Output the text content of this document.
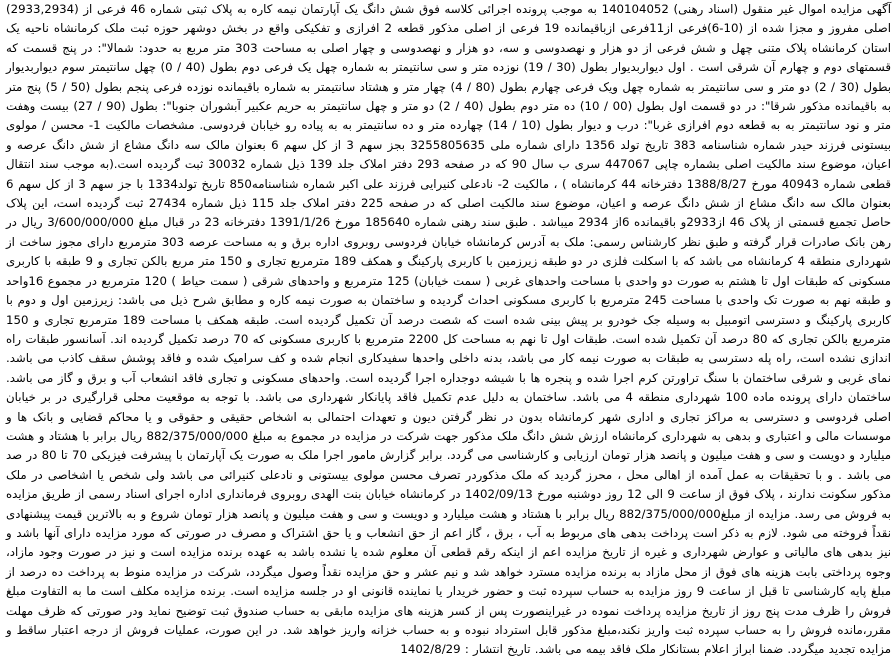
آگهی مزایده اموال غیر منقول (اسناد رهنی) 140104052 به موجب پرونده اجرائی کلاسه فوق شش دانگ یک آپارتمان نیمه کاره به پلاک ثبتی شماره 46 فرعی از (2933,2934) اصلی مفروز و مجزا شده از (10-6)فرعی از11فرعی ازباقیمانده 19 فرعی از اصلی مذکور قطعه 2 افرازی و تفکیکی واقع در بخش دوشهر حوزه ثبت ملک کرمانشاه ناحیه یک استان کرمانشاه پلاک متنی چهل و شش فرعی از دو هزار و نهصدوسی و سه، دو هزار و نهصدوسی و چهار اصلی به مساحت 303 متر مربع به حدود: شمالا": در پنج قسمت که قسمتهای دوم و چهارم آن شرقی است . اول دیواربدیوار بطول (30 / 19) نوزده متر و سی سانتیمتر به شماره چهل یک فرعی دوم بطول (40 / 0) چهل سانتیمتر سوم دیواربدیوار بطول (30 / 2) دو متر و سی سانتیمتر به شماره چهل ویک فرعی چهارم بطول (80 / 4) چهار متر و هشتاد سانتیمتر به شماره باقیمانده نوزده فرعی پنجم بطول (50 / 5) پنج متر به باقیمانده مذکور شرقا": در دو قسمت اول بطول (00 / 10) ده متر دوم بطول (40 / 2) دو متر و چهل سانتیمتر به حریم عکبیر آبشوران جنوبا": بطول (90 / 27) بیست وهفت متر و نود سانتیمتر به به قطعه دوم افرازی غربا": درب و دیوار بطول (10 / 14) چهارده متر و ده سانتیمتر به به پیاده رو خیابان فردوسی. مشخصات مالکیت 1- محسن / مولوی بیستونی فرزند حیدر شماره شناسنامه 383 تاریخ تولد 1356 دارای شماره ملی 3255805635 بجز سهم 3 از کل سهم 6 بعنوان مالک سه دانگ مشاع از شش دانگ عرصه و اعیان، موضوع سند مالکیت اصلی بشماره چاپی 447067 سری ب سال 90 که در صفحه 293 دفتر املاک جلد 139 ذیل شماره 30032 ثبت گردیده است.(به موجب سند انتقال قطعی شماره 40943 مورخ 1388/8/27 دفترخانه 44 کرمانشاه ) ، مالکیت 2- نادعلی کنیرایی فرزند علی اکبر شماره شناسنامه850 تاریخ تولد1334 با جز سهم 3 از کل سهم 6 بعنوان مالک سه دانگ مشاع از شش دانگ عرصه و اعیان، موضوع سند مالکیت اصلی که در صفحه 225 دفتر املاک جلد 115 ذیل شماره 27434 ثبت گردیده است، این پلاک حاصل تجمیع قسمتی از پلاک 46 از2933و باقیمانده 6از 2934 میباشد . طبق سند رهنی شماره 185640 مورخ 1391/1/26 دفترخانه 23 در قبال مبلغ 3/600/000/000 ریال در رهن بانک صادرات قرار گرفته و طبق نظر کارشناس رسمی: ملک به آدرس کرمانشاه خیابان فردوسی روبروی اداره برق و به مساحت عرصه 303 مترمربع دارای مجوز ساخت از شهرداری منطقه 4 کرمانشاه می باشد که با اسکلت فلزی در دو طبقه زیرزمین با کاربری پارکینگ و همکف 189 مترمربع تجاری و 150 متر مربع بالکن تجاری و 9 طبقه با کاربری مسکونی که طبقات اول تا هشتم به صورت دو واحدی با مساحت واحدهای غربی ( سمت خیابان) 125 مترمربع و واحدهای شرقی ( سمت حیاط ) 120 مترمربع در مجموع 16واحد و طبقه نهم به صورت تک واحدی با مساحت 245 مترمربع با کاربری مسکونی احداث گردیده و ساختمان به صورت نیمه کاره و مطابق شرح ذیل می باشد: زیرزمین اول و دوم با کاربری پارکینگ و دسترسی اتومبیل به وسیله جک خودرو بر پیش بینی شده است که شصت درصد آن تکمیل گردیده است. طبقه همکف با مساحت 189 مترمربع تجاری و 150 مترمربع بالکن تجاری که 80 درصد آن تکمیل شده است. طبقات اول تا نهم به مساحت کل 2200 مترمربع با کاربری مسکونی که 70 درصد تکمیل گردیده اند. آسانسور طبقات راه اندازی نشده است، راه پله دسترسی به طبقات به صورت نیمه کار می باشد، بدنه داخلی واحدها سفیدکاری انجام شده و کف سرامیک شده و فاقد پوشش سقف کاذب می باشد. نمای غربی و شرقی ساختمان با سنگ تراورتن کرم اجرا شده و پنجره ها با شیشه دوجداره اجرا گردیده است. واحدهای مسکونی و تجاری فاقد انشعاب آب و برق و گاز می باشد. ساختمان دارای پرونده ماده 100 شهرداری منطقه 4 می باشد. ساختمان به دلیل عدم تکمیل فاقد پایانکار شهرداری می باشد. با توجه به موقعیت محلی قرارگیری در بر خیابان اصلی فردوسی و دسترسی به مراکز تجاری و اداری شهر کرمانشاه بدون در نظر گرفتن دیون و تعهدات احتمالی به اشخاص حقیقی و حقوقی و یا محاکم قضایی و بانک ها و موسسات مالی و اعتباری و بدهی به شهرداری کرمانشاه ارزش شش دانگ ملک مذکور جهت شرکت در مزایده در مجموع به مبلغ 882/375/000/000 ریال برابر با هشتاد و هشت میلیارد و دویست و سی و هفت میلیون و پانصد هزار تومان ارزیابی و کارشناسی می گردد. برابر گزارش مامور اجرا ملک به صورت یک آپارتمان با پیشرفت فیزیکی 70 تا 80 در صد می باشد . و با تحقیقات به عمل آمده از اهالی محل ، محرز گردید که ملک مذکوردر تصرف محسن مولوی بیستونی و نادعلی کنیرائی می باشد ولی شخص یا اشخاصی در ملک مذکور سکونت ندارند ، پلاک فوق از ساعت 9 الی 12 روز دوشنبه مورخ 1402/09/13 در کرمانشاه خیابان بنت الهدی روبروی فرمانداری اداره اجرای اسناد رسمی از طریق مزایده به فروش می رسد. مزایده از مبلغ882/375/000/000 ریال برابر با هشتاد و هشت میلیارد و دویست و سی و هفت میلیون و پانصد هزار تومان شروع و به بالاترین قیمت پیشنهادی نقداً فروخته می شود. لازم به ذکر است پرداخت بدهی های مربوط به آب ، برق ، گاز اعم از حق انشعاب و یا حق اشتراک و مصرف در صورتی که مورد مزایده دارای آنها باشد و نیز بدهی های مالیاتی و عوارض شهرداری و غیره از تاریخ مزایده اعم از اینکه رقم قطعی آن معلوم شده یا نشده باشد به عهده برنده مزایده است و نیز در صورت وجود مازاد، وجوه پرداختی بابت هزینه های فوق از محل مازاد به برنده مزایده مسترد خواهد شد و نیم عشر و حق مزایده نقداً وصول میگردد، شرکت در مزایده منوط به پرداخت ده درصد از مبلغ پایه کارشناسی تا قبل از ساعت 9 روز مزایده به حساب سپرده ثبت و حضور خریدار یا نماینده قانونی او در جلسه مزایده است. برنده مزایده مکلف است ما به التفاوت مبلغ فروش را ظرف مدت پنج روز از تاریخ مزایده پرداخت نموده در غیراینصورت پس از کسر هزینه های مزایده مابقی به حساب صندوق ثبت توضیح نماید ودر صورتی که ظرف مهلت مقرر،مانده فروش را به حساب سپرده ثبت واریز نکند،مبلغ مذکور قابل استرداد نبوده و به حساب خزانه واریز خواهد شد. در این صورت، عملیات فروش از درجه اعتبار ساقط و مزایده تجدید میگردد. ضمنا ابراز اعلام بستانکار ملک فاقد بیمه می باشد. تاریخ انتشار : 1402/8/29
